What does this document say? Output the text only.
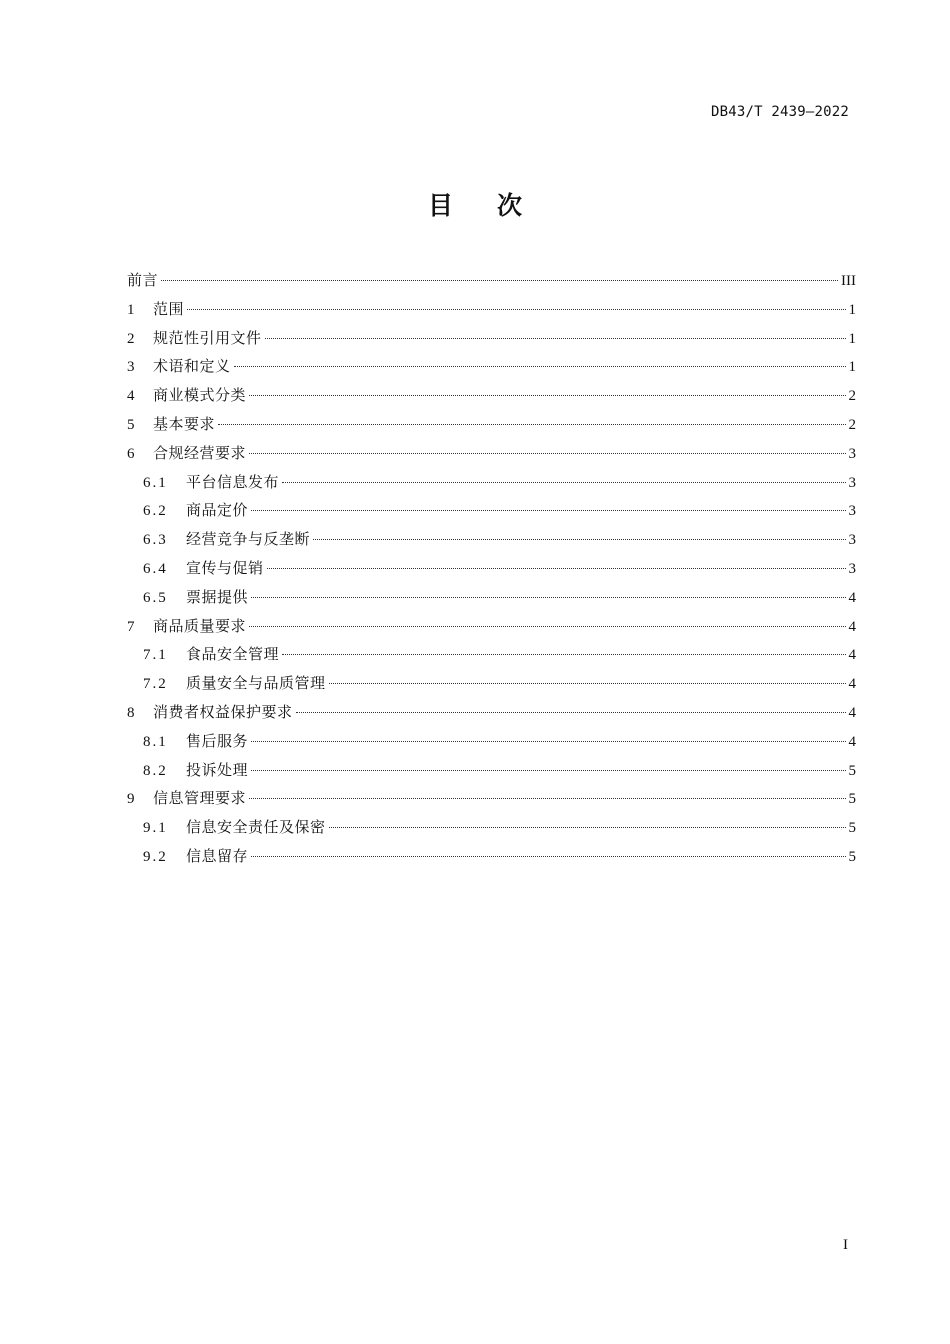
DB43/T 2439—2022
目次
前言	III
1	范围	1
2	规范性引用文件	1
3	术语和定义	1
4	商业模式分类	2
5	基本要求	2
6	合规经营要求	3
6.1	平台信息发布	3
6.2	商品定价	3
6.3	经营竞争与反垄断	3
6.4	宣传与促销	3
6.5	票据提供	4
7	商品质量要求	4
7.1	食品安全管理	4
7.2	质量安全与品质管理	4
8	消费者权益保护要求	4
8.1	售后服务	4
8.2	投诉处理	5
9	信息管理要求	5
9.1	信息安全责任及保密	5
9.2	信息留存	5
I
